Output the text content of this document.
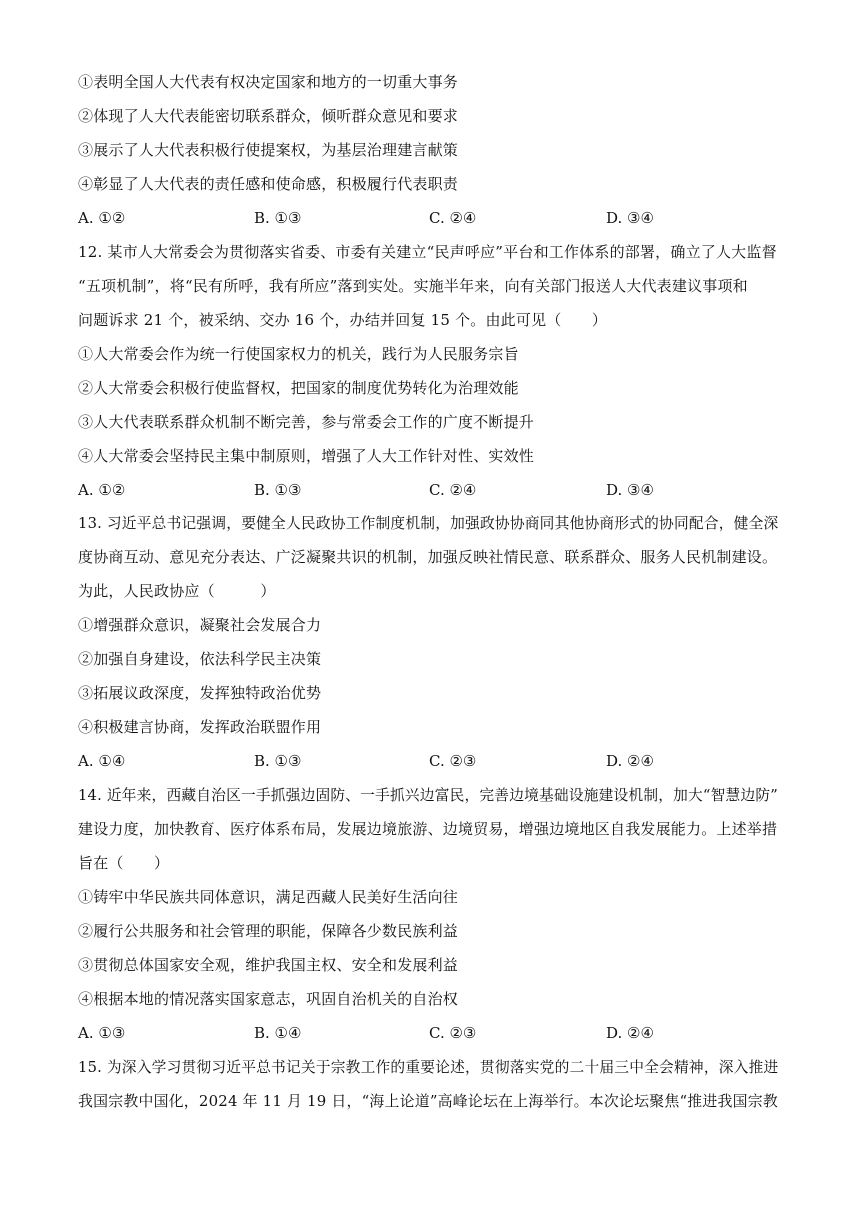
①表明全国人大代表有权决定国家和地方的一切重大事务
②体现了人大代表能密切联系群众，倾听群众意见和要求
③展示了人大代表积极行使提案权，为基层治理建言献策
④彰显了人大代表的责任感和使命感，积极履行代表职责
A. ①②	B. ①③	C. ②④	D. ③④
12. 某市人大常委会为贯彻落实省委、市委有关建立“民声呼应”平台和工作体系的部署，确立了人大监督
“五项机制”，将“民有所呼，我有所应”落到实处。实施半年来，向有关部门报送人大代表建议事项和
问题诉求 21 个，被采纳、交办 16 个，办结并回复 15 个。由此可见（　　）
①人大常委会作为统一行使国家权力的机关，践行为人民服务宗旨
②人大常委会积极行使监督权，把国家的制度优势转化为治理效能
③人大代表联系群众机制不断完善，参与常委会工作的广度不断提升
④人大常委会坚持民主集中制原则，增强了人大工作针对性、实效性
A. ①②	B. ①③	C. ②④	D. ③④
13. 习近平总书记强调，要健全人民政协工作制度机制，加强政协协商同其他协商形式的协同配合，健全深
度协商互动、意见充分表达、广泛凝聚共识的机制，加强反映社情民意、联系群众、服务人民机制建设。
为此，人民政协应（　　　）
①增强群众意识，凝聚社会发展合力
②加强自身建设，依法科学民主决策
③拓展议政深度，发挥独特政治优势
④积极建言协商，发挥政治联盟作用
A. ①④	B. ①③	C. ②③	D. ②④
14. 近年来，西藏自治区一手抓强边固防、一手抓兴边富民，完善边境基础设施建设机制，加大“智慧边防”
建设力度，加快教育、医疗体系布局，发展边境旅游、边境贸易，增强边境地区自我发展能力。上述举措
旨在（　　）
①铸牢中华民族共同体意识，满足西藏人民美好生活向往
②履行公共服务和社会管理的职能，保障各少数民族利益
③贯彻总体国家安全观，维护我国主权、安全和发展利益
④根据本地的情况落实国家意志，巩固自治机关的自治权
A. ①③	B. ①④	C. ②③	D. ②④
15. 为深入学习贯彻习近平总书记关于宗教工作的重要论述，贯彻落实党的二十届三中全会精神，深入推进
我国宗教中国化，2024 年 11 月 19 日，“海上论道”高峰论坛在上海举行。本次论坛聚焦“推进我国宗教
